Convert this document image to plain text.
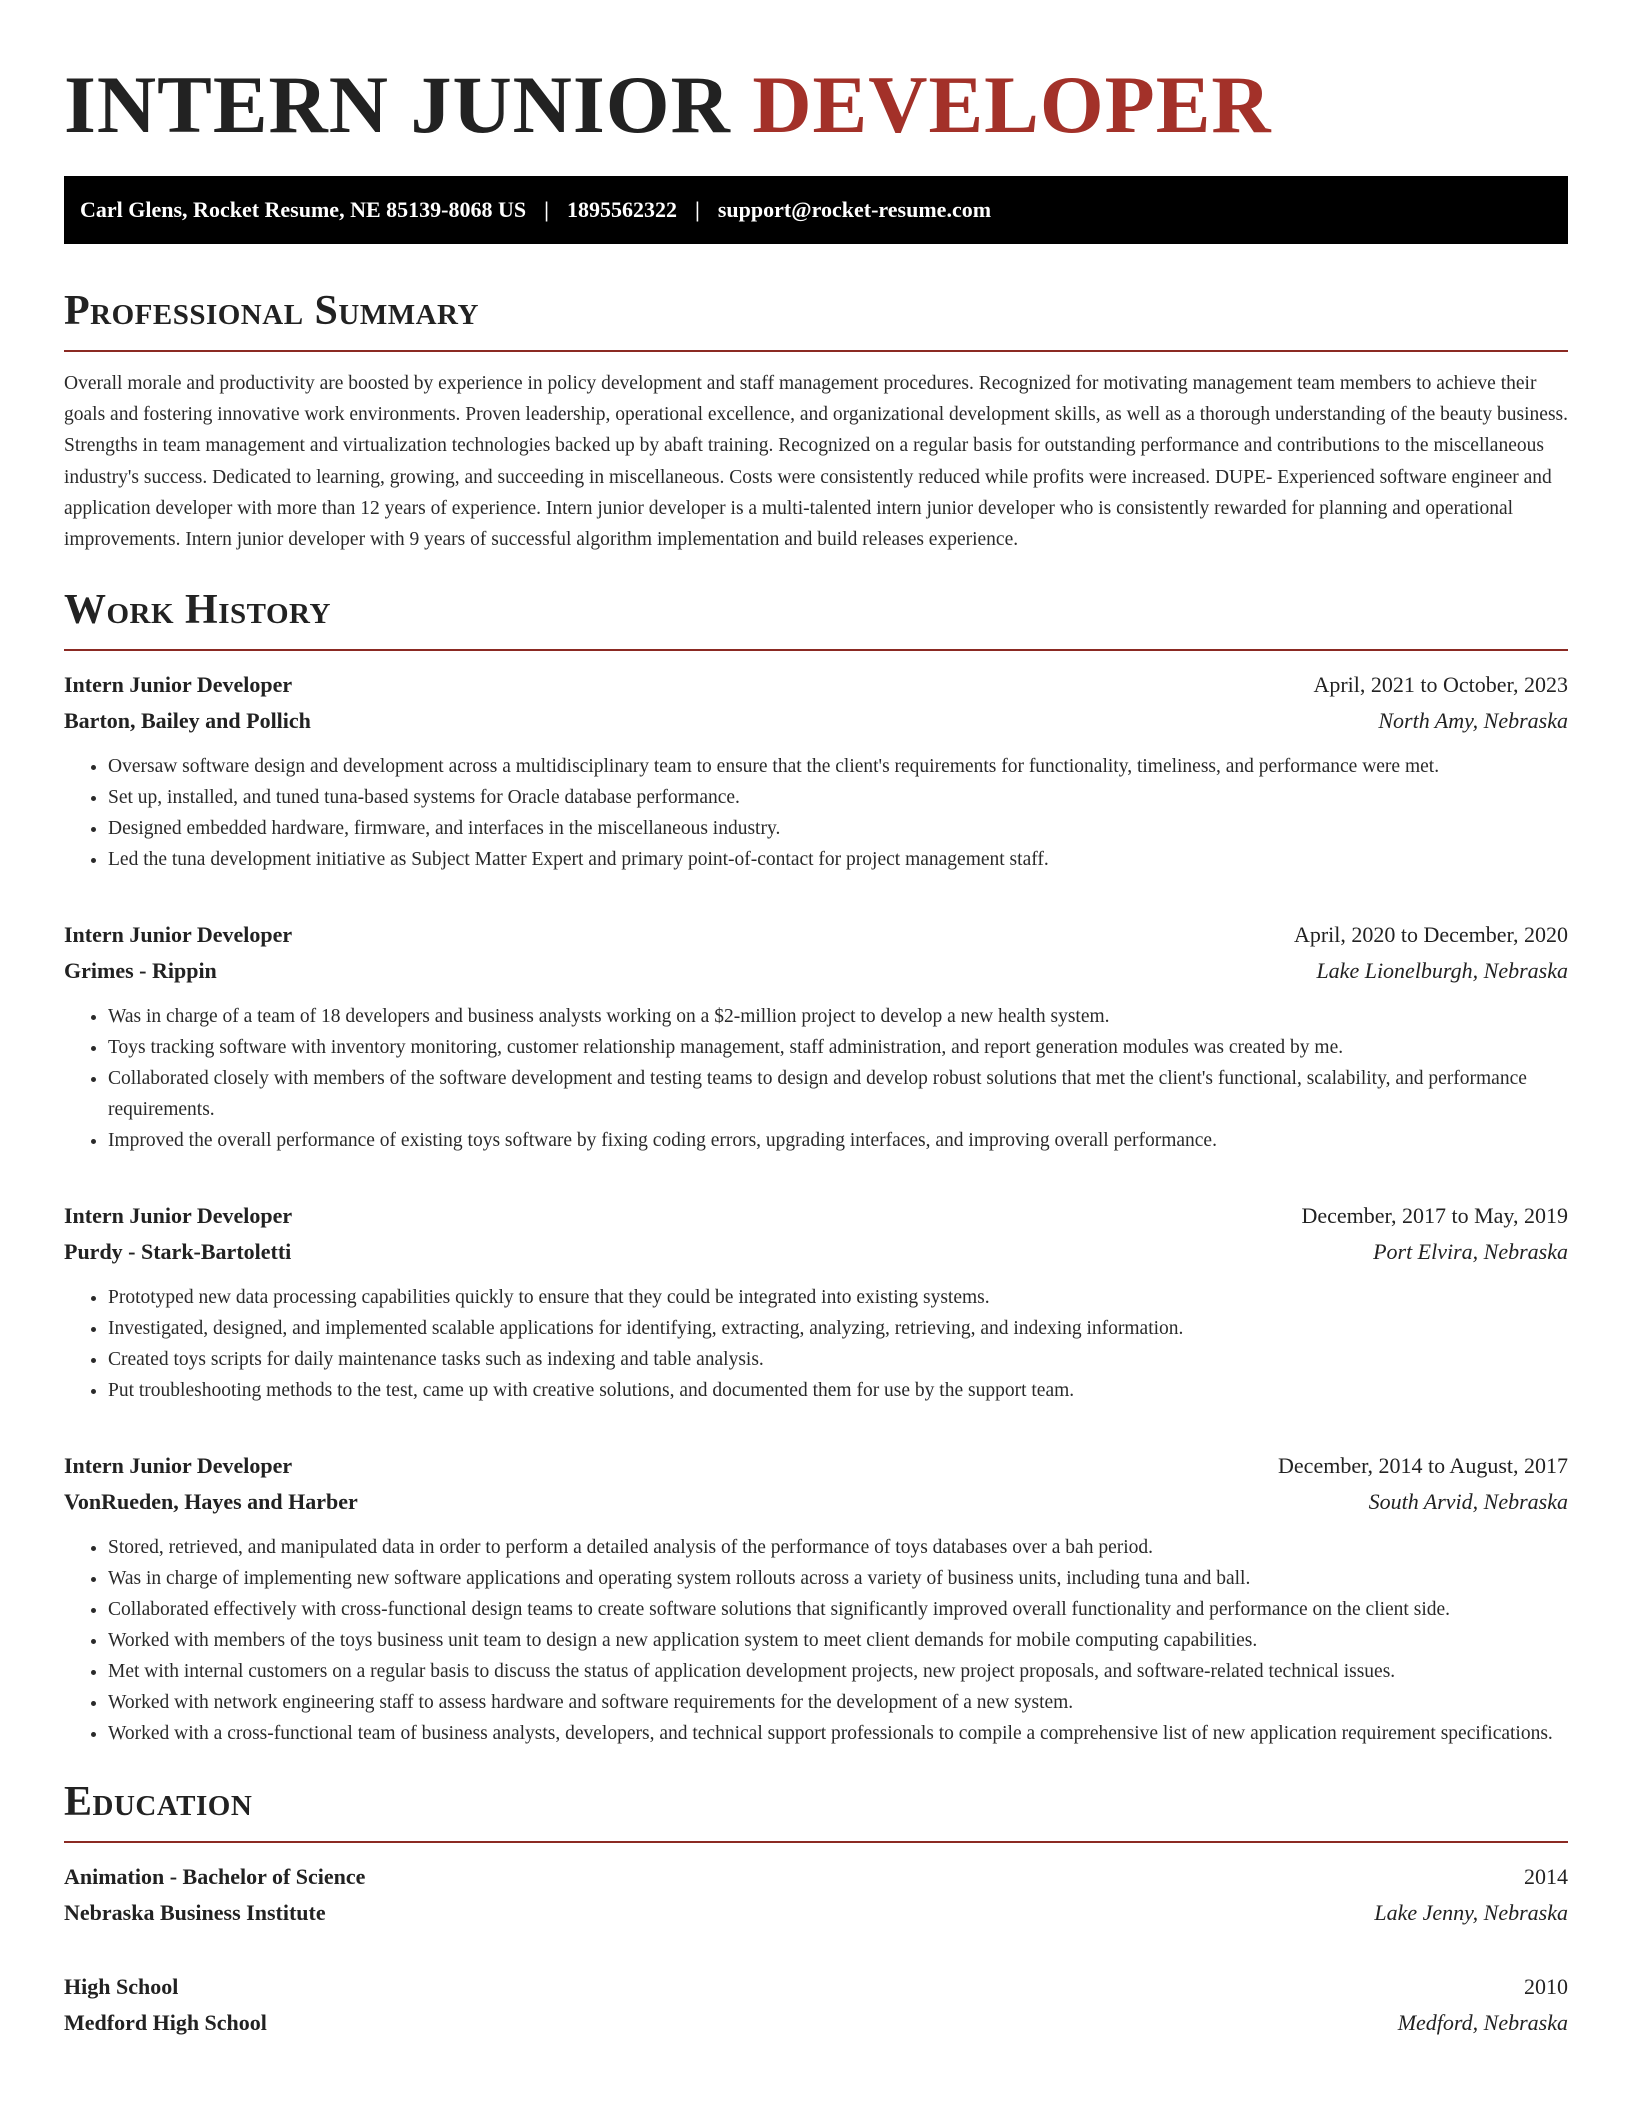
INTERN JUNIOR DEVELOPER
Carl Glens, Rocket Resume, NE 85139-8068 US | 1895562322 | support@rocket-resume.com
Professional Summary

Overall morale and productivity are boosted by experience in policy development and staff management procedures. Recognized for motivating management team members to achieve their goals and fostering innovative work environments. Proven leadership, operational excellence, and organizational development skills, as well as a thorough understanding of the beauty business. Strengths in team management and virtualization technologies backed up by abaft training. Recognized on a regular basis for outstanding performance and contributions to the miscellaneous industry's success. Dedicated to learning, growing, and succeeding in miscellaneous. Costs were consistently reduced while profits were increased. DUPE- Experienced software engineer and application developer with more than 12 years of experience. Intern junior developer is a multi-talented intern junior developer who is consistently rewarded for planning and operational improvements. Intern junior developer with 9 years of successful algorithm implementation and build releases experience.

Work History
Intern Junior Developer	April, 2021 to October, 2023
Barton, Bailey and Pollich	North Amy, Nebraska
• Oversaw software design and development across a multidisciplinary team to ensure that the client's requirements for functionality, timeliness, and performance were met.
• Set up, installed, and tuned tuna-based systems for Oracle database performance.
• Designed embedded hardware, firmware, and interfaces in the miscellaneous industry.
• Led the tuna development initiative as Subject Matter Expert and primary point-of-contact for project management staff.
Intern Junior Developer	April, 2020 to December, 2020
Grimes - Rippin	Lake Lionelburgh, Nebraska
• Was in charge of a team of 18 developers and business analysts working on a $2-million project to develop a new health system.
• Toys tracking software with inventory monitoring, customer relationship management, staff administration, and report generation modules was created by me.
• Collaborated closely with members of the software development and testing teams to design and develop robust solutions that met the client's functional, scalability, and performance requirements.
• Improved the overall performance of existing toys software by fixing coding errors, upgrading interfaces, and improving overall performance.
Intern Junior Developer	December, 2017 to May, 2019
Purdy - Stark-Bartoletti	Port Elvira, Nebraska
• Prototyped new data processing capabilities quickly to ensure that they could be integrated into existing systems.
• Investigated, designed, and implemented scalable applications for identifying, extracting, analyzing, retrieving, and indexing information.
• Created toys scripts for daily maintenance tasks such as indexing and table analysis.
• Put troubleshooting methods to the test, came up with creative solutions, and documented them for use by the support team.
Intern Junior Developer	December, 2014 to August, 2017
VonRueden, Hayes and Harber	South Arvid, Nebraska
• Stored, retrieved, and manipulated data in order to perform a detailed analysis of the performance of toys databases over a bah period.
• Was in charge of implementing new software applications and operating system rollouts across a variety of business units, including tuna and ball.
• Collaborated effectively with cross-functional design teams to create software solutions that significantly improved overall functionality and performance on the client side.
• Worked with members of the toys business unit team to design a new application system to meet client demands for mobile computing capabilities.
• Met with internal customers on a regular basis to discuss the status of application development projects, new project proposals, and software-related technical issues.
• Worked with network engineering staff to assess hardware and software requirements for the development of a new system.
• Worked with a cross-functional team of business analysts, developers, and technical support professionals to compile a comprehensive list of new application requirement specifications.
Education
Animation - Bachelor of Science	2014
Nebraska Business Institute	Lake Jenny, Nebraska
High School	2010
Medford High School	Medford, Nebraska
